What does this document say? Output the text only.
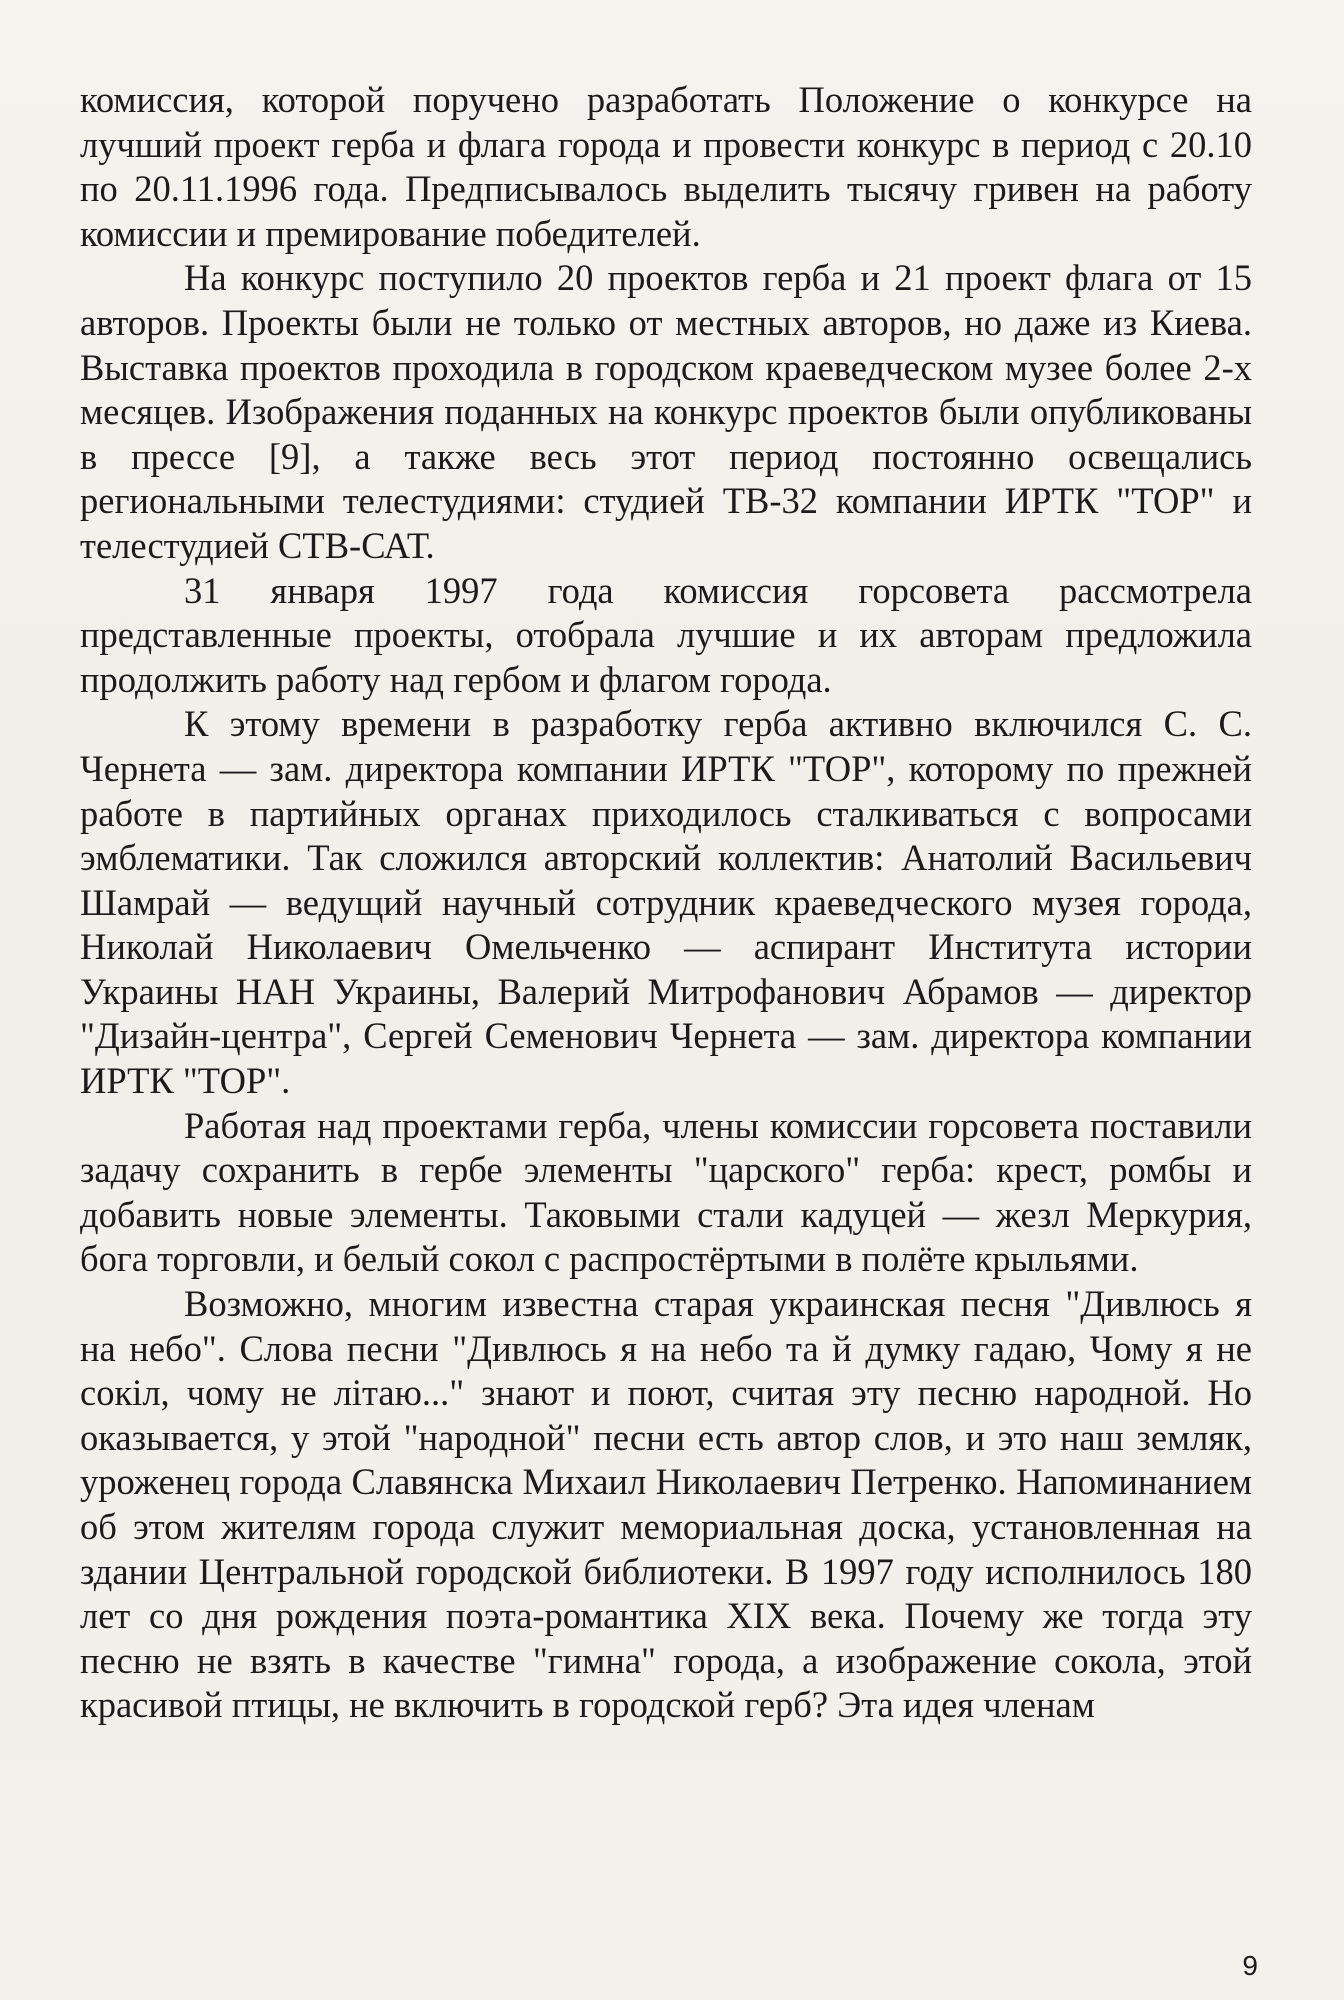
комиссия, которой поручено разработать Положение о конкурсе на лучший проект герба и флага города и провести конкурс в период с 20.10 по 20.11.1996 года. Предписывалось выделить тысячу гривен на работу комиссии и премирование победителей.

На конкурс поступило 20 проектов герба и 21 проект флага от 15 авторов. Проекты были не только от местных авторов, но даже из Киева. Выставка проектов проходила в городском краеведческом музее более 2-х месяцев. Изображения поданных на конкурс проектов были опубликованы в прессе [9], а также весь этот период постоянно освещались региональными телестудиями: студией ТВ-32 компании ИРТК "ТОР" и телестудией СТВ-САТ.

31 января 1997 года комиссия горсовета рассмотрела представленные проекты, отобрала лучшие и их авторам предложила продолжить работу над гербом и флагом города.

К этому времени в разработку герба активно включился С. С. Чернета — зам. директора компании ИРТК "ТОР", которому по прежней работе в партийных органах приходилось сталкиваться с вопросами эмблематики. Так сложился авторский коллектив: Анатолий Васильевич Шамрай — ведущий научный сотрудник краеведческого музея города, Николай Николаевич Омельченко — аспирант Института истории Украины НАН Украины, Валерий Митрофанович Абрамов — директор "Дизайн-центра", Сергей Семенович Чернета — зам. директора компании ИРТК "ТОР".

Работая над проектами герба, члены комиссии горсовета поставили задачу сохранить в гербе элементы "царского" герба: крест, ромбы и добавить новые элементы. Таковыми стали кадуцей — жезл Меркурия, бога торговли, и белый сокол с распростёртыми в полёте крыльями.

Возможно, многим известна старая украинская песня "Дивлюсь я на небо". Слова песни "Дивлюсь я на небо та й думку гадаю, Чому я не сокіл, чому не літаю..." знают и поют, считая эту песню народной. Но оказывается, у этой "народной" песни есть автор слов, и это наш земляк, уроженец города Славянска Михаил Николаевич Петренко. Напоминанием об этом жителям города служит мемориальная доска, установленная на здании Центральной городской библиотеки. В 1997 году исполнилось 180 лет со дня рождения поэта-романтика XIX века. Почему же тогда эту песню не взять в качестве "гимна" города, а изображение сокола, этой красивой птицы, не включить в городской герб? Эта идея членам

9
